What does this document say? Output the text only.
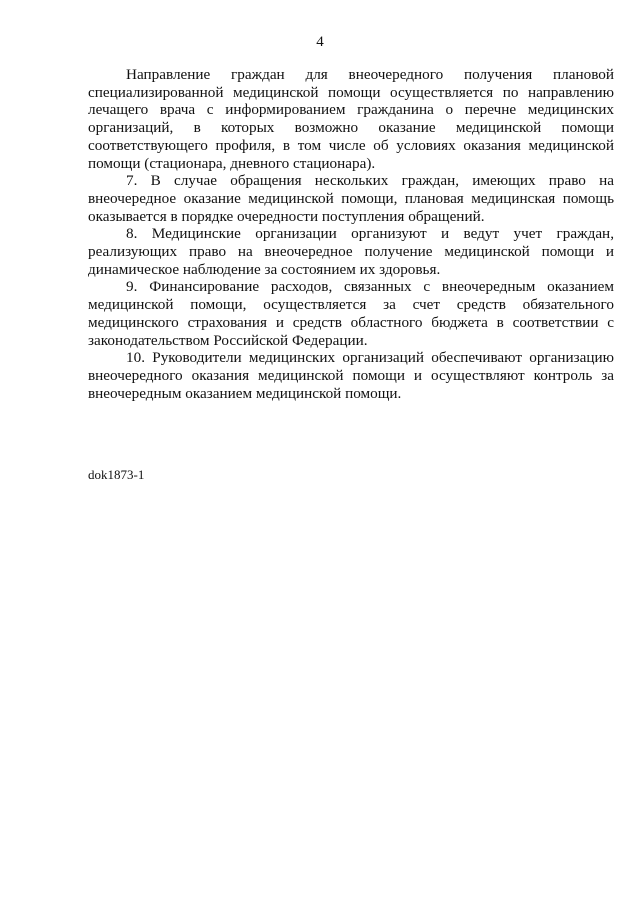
4

Направление граждан для внеочередного получения плановой специализированной медицинской помощи осуществляется по направлению лечащего врача с информированием гражданина о перечне медицинских организаций, в которых возможно оказание медицинской помощи соответствующего профиля, в том числе об условиях оказания медицинской помощи (стационара, дневного стационара).

7. В случае обращения нескольких граждан, имеющих право на внеочередное оказание медицинской помощи, плановая медицинская помощь оказывается в порядке очередности поступления обращений.

8. Медицинские организации организуют и ведут учет граждан, реализующих право на внеочередное получение медицинской помощи и динамическое наблюдение за состоянием их здоровья.

9. Финансирование расходов, связанных с внеочередным оказанием медицинской помощи, осуществляется за счет средств обязательного медицинского страхования и средств областного бюджета в соответствии с законодательством Российской Федерации.

10. Руководители медицинских организаций обеспечивают организацию внеочередного оказания медицинской помощи и осуществляют контроль за внеочередным оказанием медицинской помощи.

dok1873-1
